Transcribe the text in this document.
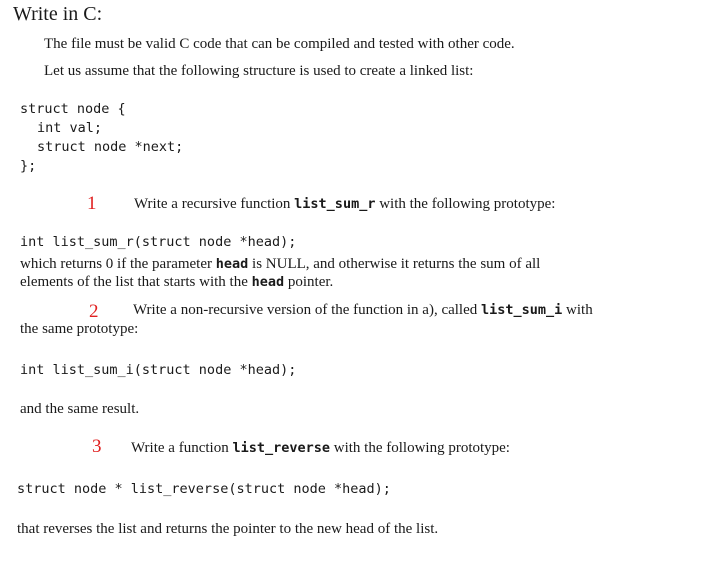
Write in C:
The file must be valid C code that can be compiled and tested with other code.
Let us assume that the following structure is used to create a linked list:
struct node {
int val;
struct node *next;
};
1	Write a recursive function list_sum_r with the following prototype:
int list_sum_r(struct node *head);
which returns 0 if the parameter head is NULL, and otherwise it returns the sum of all
elements of the list that starts with the head pointer.
2 Write a non-recursive version of the function in a), called list_sum_i with
the same prototype:
int list_sum_i(struct node *head);
and the same result.
3 Write a function list_reverse with the following prototype:
struct node * list_reverse(struct node *head);
that reverses the list and returns the pointer to the new head of the list.
